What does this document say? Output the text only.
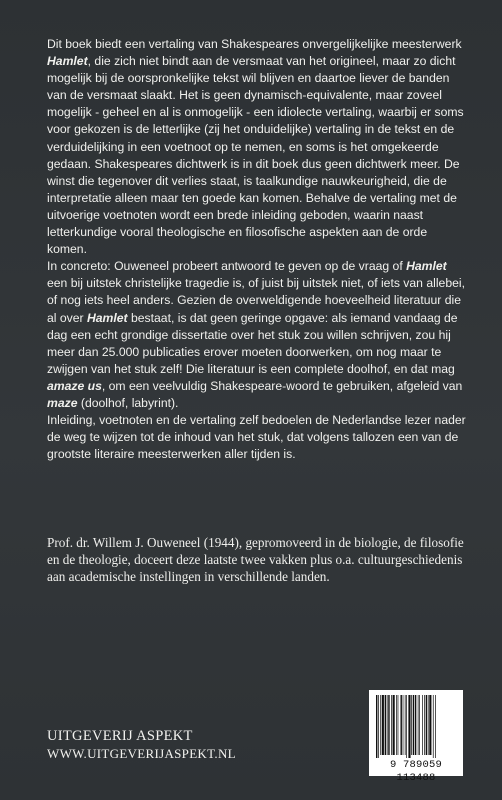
Dit boek biedt een vertaling van Shakespeares onvergelijkelijke meesterwerk Hamlet, die zich niet bindt aan de versmaat van het origineel, maar zo dicht mogelijk bij de oorspronkelijke tekst wil blijven en daartoe liever de banden van de versmaat slaakt. Het is geen dynamisch-equivalente, maar zoveel mogelijk - geheel en al is onmogelijk - een idiolecte vertaling, waarbij er soms voor gekozen is de letterlijke (zij het onduidelijke) vertaling in de tekst en de verduidelijking in een voetnoot op te nemen, en soms is het omgekeerde gedaan. Shakespeares dichtwerk is in dit boek dus geen dichtwerk meer. De winst die tegenover dit verlies staat, is taalkundige nauwkeurigheid, die de interpretatie alleen maar ten goede kan komen. Behalve de vertaling met de uitvoerige voetnoten wordt een brede inleiding geboden, waarin naast letterkundige vooral theologische en filosofische aspekten aan de orde komen.

In concreto: Ouweneel probeert antwoord te geven op de vraag of Hamlet een bij uitstek christelijke tragedie is, of juist bij uitstek niet, of iets van allebei, of nog iets heel anders. Gezien de overweldigende hoeveelheid literatuur die al over Hamlet bestaat, is dat geen geringe opgave: als iemand vandaag de dag een echt grondige dissertatie over het stuk zou willen schrijven, zou hij meer dan 25.000 publicaties erover moeten doorwerken, om nog maar te zwijgen van het stuk zelf! Die literatuur is een complete doolhof, en dat mag amaze us, om een veelvuldig Shakespeare-woord te gebruiken, afgeleid van maze (doolhof, labyrint).

Inleiding, voetnoten en de vertaling zelf bedoelen de Nederlandse lezer nader de weg te wijzen tot de inhoud van het stuk, dat volgens tallozen een van de grootste literaire meesterwerken aller tijden is.

Prof. dr. Willem J. Ouweneel (1944), gepromoveerd in de biologie, de filosofie en de theologie, doceert deze laatste twee vakken plus o.a. cultuurgeschiedenis aan academische instellingen in verschillende landen.
UITGEVERIJ ASPEKT
WWW.UITGEVERIJASPEKT.NL
9 789059 113488
